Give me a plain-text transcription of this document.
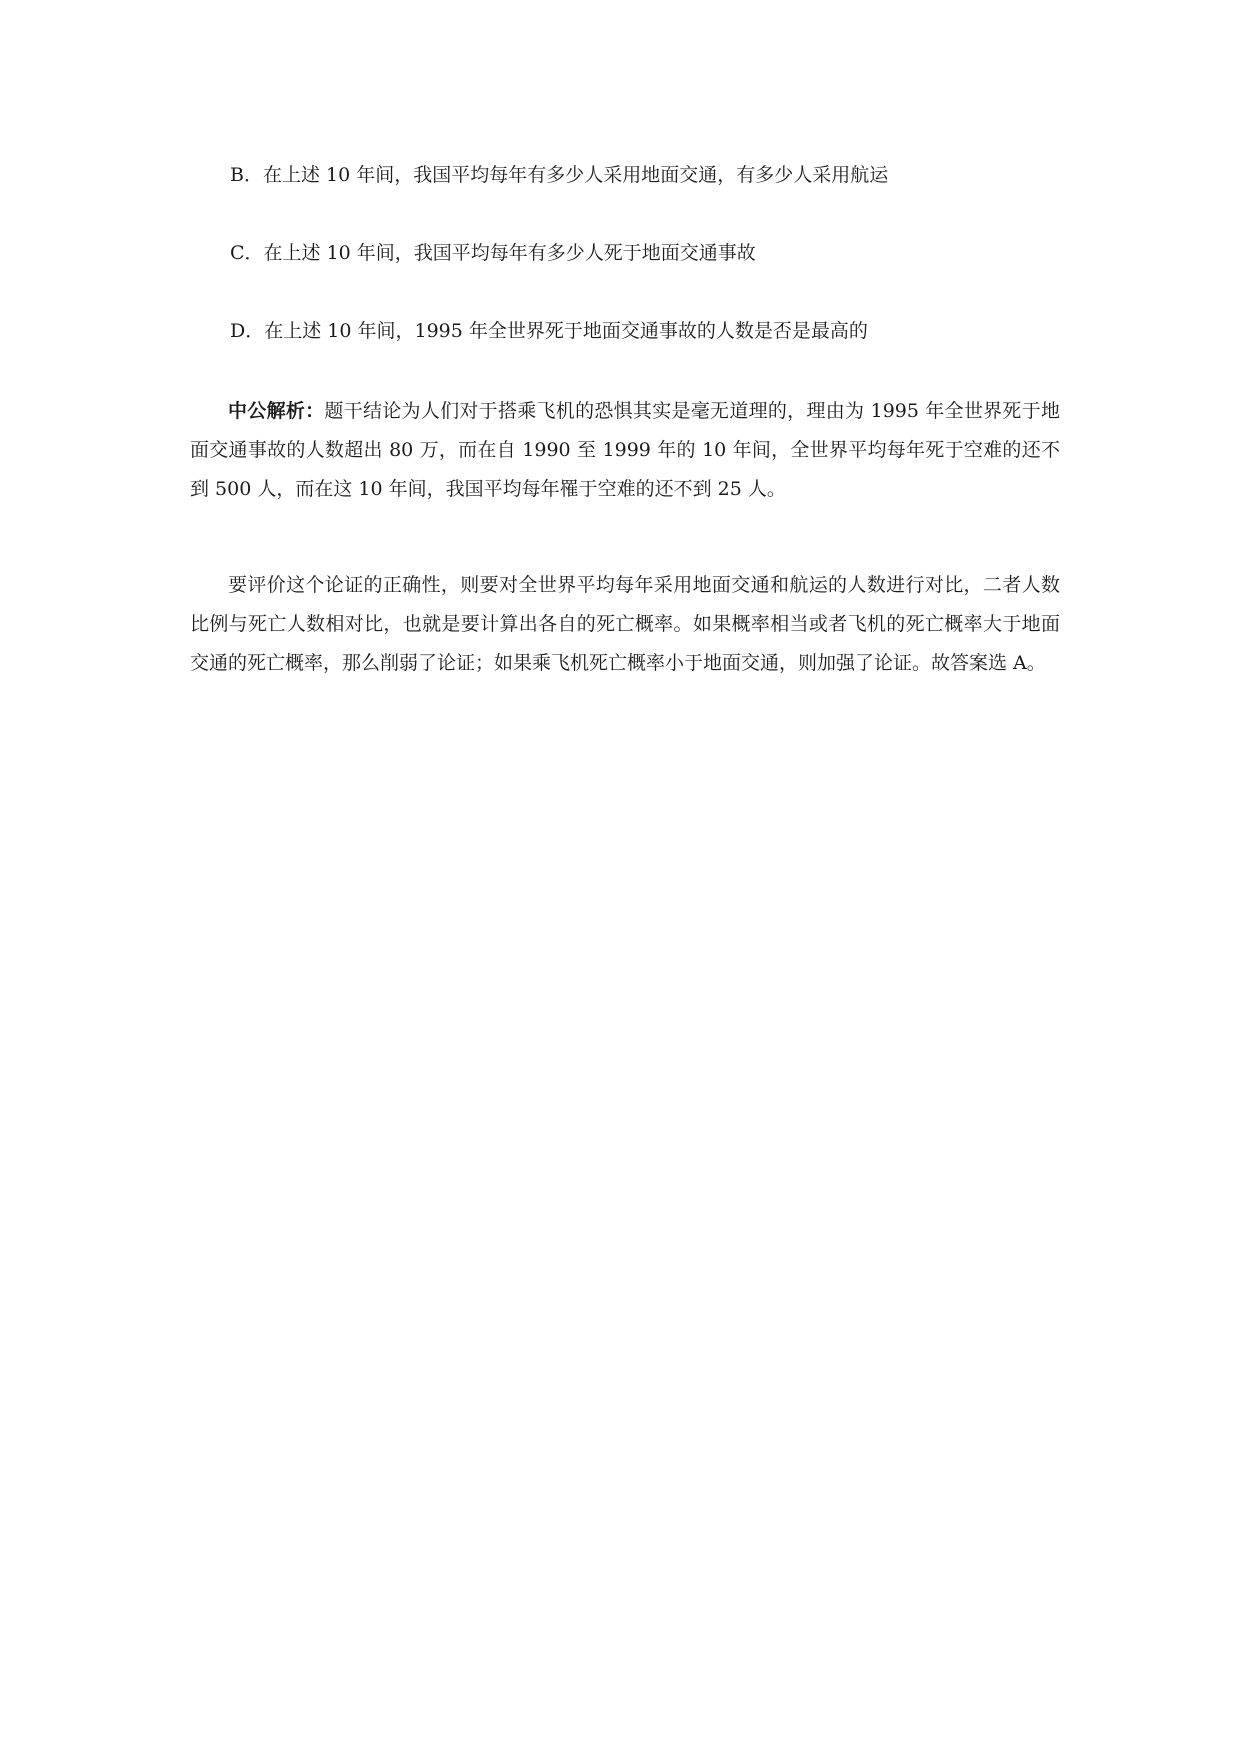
B．在上述 10 年间，我国平均每年有多少人采用地面交通，有多少人采用航运
C．在上述 10 年间，我国平均每年有多少人死于地面交通事故
D．在上述 10 年间，1995 年全世界死于地面交通事故的人数是否是最高的

中公解析：题干结论为人们对于搭乘飞机的恐惧其实是毫无道理的，理由为 1995 年全世界死于地面交通事故的人数超出 80 万，而在自 1990 至 1999 年的 10 年间，全世界平均每年死于空难的还不到 500 人，而在这 10 年间，我国平均每年罹于空难的还不到 25 人。

要评价这个论证的正确性，则要对全世界平均每年采用地面交通和航运的人数进行对比，二者人数比例与死亡人数相对比，也就是要计算出各自的死亡概率。如果概率相当或者飞机的死亡概率大于地面交通的死亡概率，那么削弱了论证；如果乘飞机死亡概率小于地面交通，则加强了论证。故答案选 A。
